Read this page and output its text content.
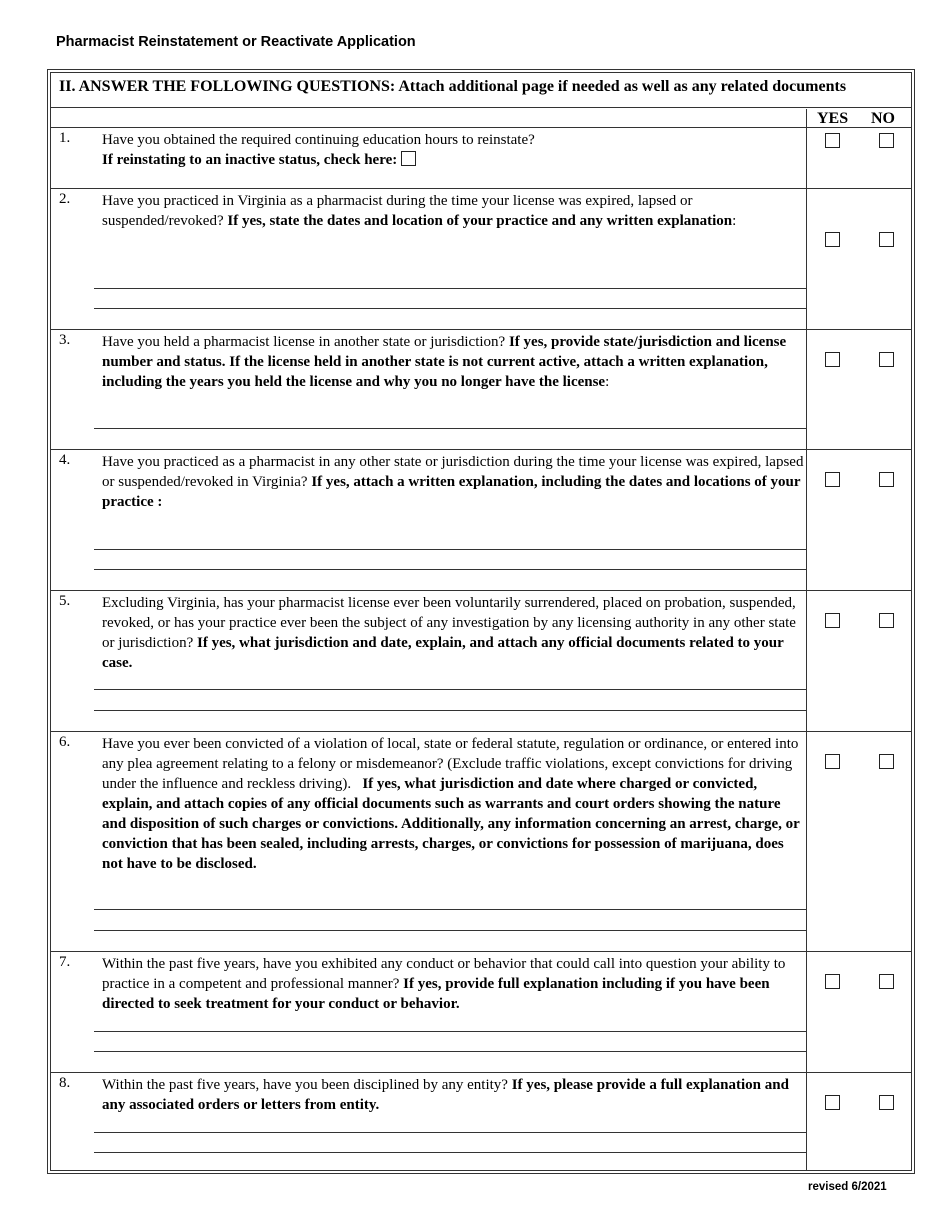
Pharmacist Reinstatement or Reactivate Application
II. ANSWER THE FOLLOWING QUESTIONS: Attach additional page if needed as well as any related documents
YES NO
1. Have you obtained the required continuing education hours to reinstate?
If reinstating to an inactive status, check here:
2. Have you practiced in Virginia as a pharmacist during the time your license was expired, lapsed or suspended/revoked? If yes, state the dates and location of your practice and any written explanation:
3. Have you held a pharmacist license in another state or jurisdiction? If yes, provide state/jurisdiction and license number and status. If the license held in another state is not current active, attach a written explanation, including the years you held the license and why you no longer have the license:
4. Have you practiced as a pharmacist in any other state or jurisdiction during the time your license was expired, lapsed or suspended/revoked in Virginia? If yes, attach a written explanation, including the dates and locations of your practice :
5. Excluding Virginia, has your pharmacist license ever been voluntarily surrendered, placed on probation, suspended, revoked, or has your practice ever been the subject of any investigation by any licensing authority in any other state or jurisdiction? If yes, what jurisdiction and date, explain, and attach any official documents related to your case.
6. Have you ever been convicted of a violation of local, state or federal statute, regulation or ordinance, or entered into any plea agreement relating to a felony or misdemeanor? (Exclude traffic violations, except convictions for driving under the influence and reckless driving). If yes, what jurisdiction and date where charged or convicted, explain, and attach copies of any official documents such as warrants and court orders showing the nature and disposition of such charges or convictions. Additionally, any information concerning an arrest, charge, or conviction that has been sealed, including arrests, charges, or convictions for possession of marijuana, does not have to be disclosed.
7. Within the past five years, have you exhibited any conduct or behavior that could call into question your ability to practice in a competent and professional manner? If yes, provide full explanation including if you have been directed to seek treatment for your conduct or behavior.
8. Within the past five years, have you been disciplined by any entity? If yes, please provide a full explanation and any associated orders or letters from entity.
revised 6/2021
